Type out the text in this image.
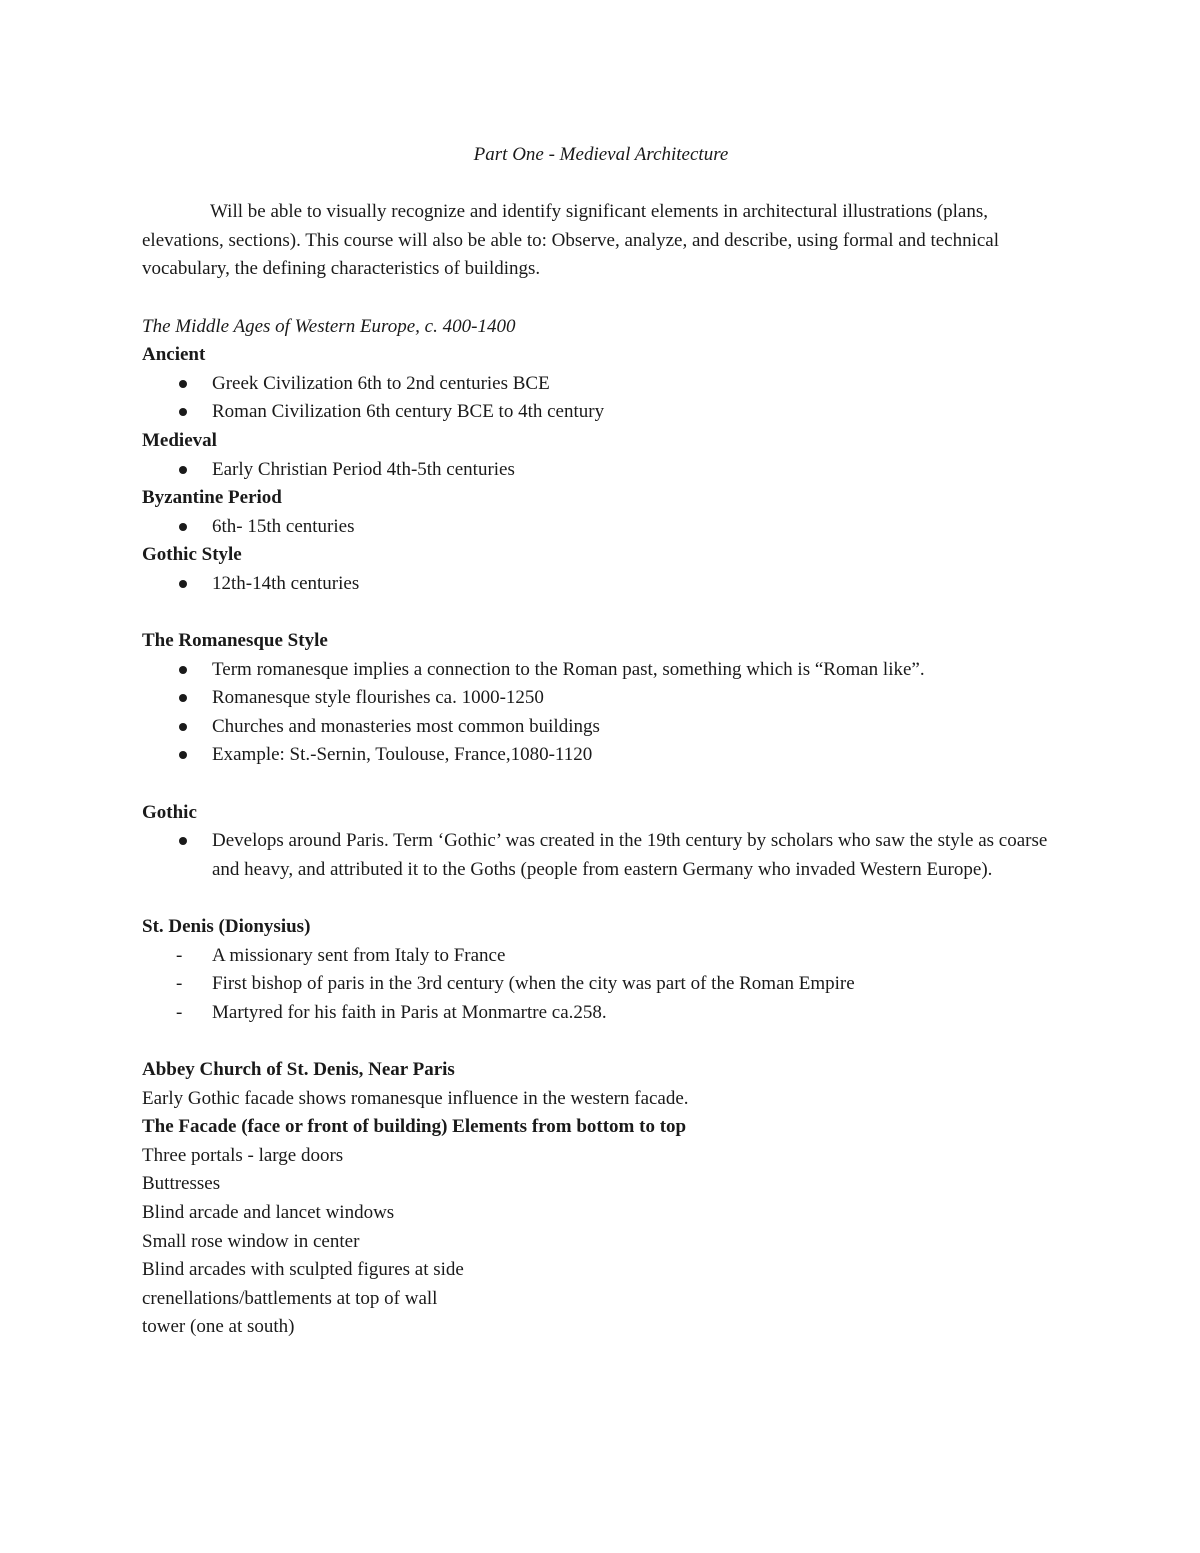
Part One - Medieval Architecture

Will be able to visually recognize and identify significant elements in architectural illustrations (plans, elevations, sections). This course will also be able to: Observe, analyze, and describe, using formal and technical vocabulary, the defining characteristics of buildings.

The Middle Ages of Western Europe, c. 400-1400

Ancient

Greek Civilization 6th to 2nd centuries BCE
Roman Civilization 6th century BCE to 4th century

Medieval

Early Christian Period 4th-5th centuries

Byzantine Period

6th- 15th centuries

Gothic Style

12th-14th centuries

The Romanesque Style

Term romanesque implies a connection to the Roman past, something which is “Roman like”.
Romanesque style flourishes ca. 1000-1250
Churches and monasteries most common buildings
Example: St.-Sernin, Toulouse, France,1080-1120

Gothic

Develops around Paris. Term ‘Gothic’ was created in the 19th century by scholars who saw the style as coarse and heavy, and attributed it to the Goths (people from eastern Germany who invaded Western Europe).

St. Denis (Dionysius)

- A missionary sent from Italy to France
- First bishop of paris in the 3rd century (when the city was part of the Roman Empire
- Martyred for his faith in Paris at Monmartre ca.258.

Abbey Church of St. Denis, Near Paris

Early Gothic facade shows romanesque influence in the western facade.

The Facade (face or front of building) Elements from bottom to top

Three portals - large doors

Buttresses

Blind arcade and lancet windows

Small rose window in center

Blind arcades with sculpted figures at side

crenellations/battlements at top of wall

tower (one at south)
